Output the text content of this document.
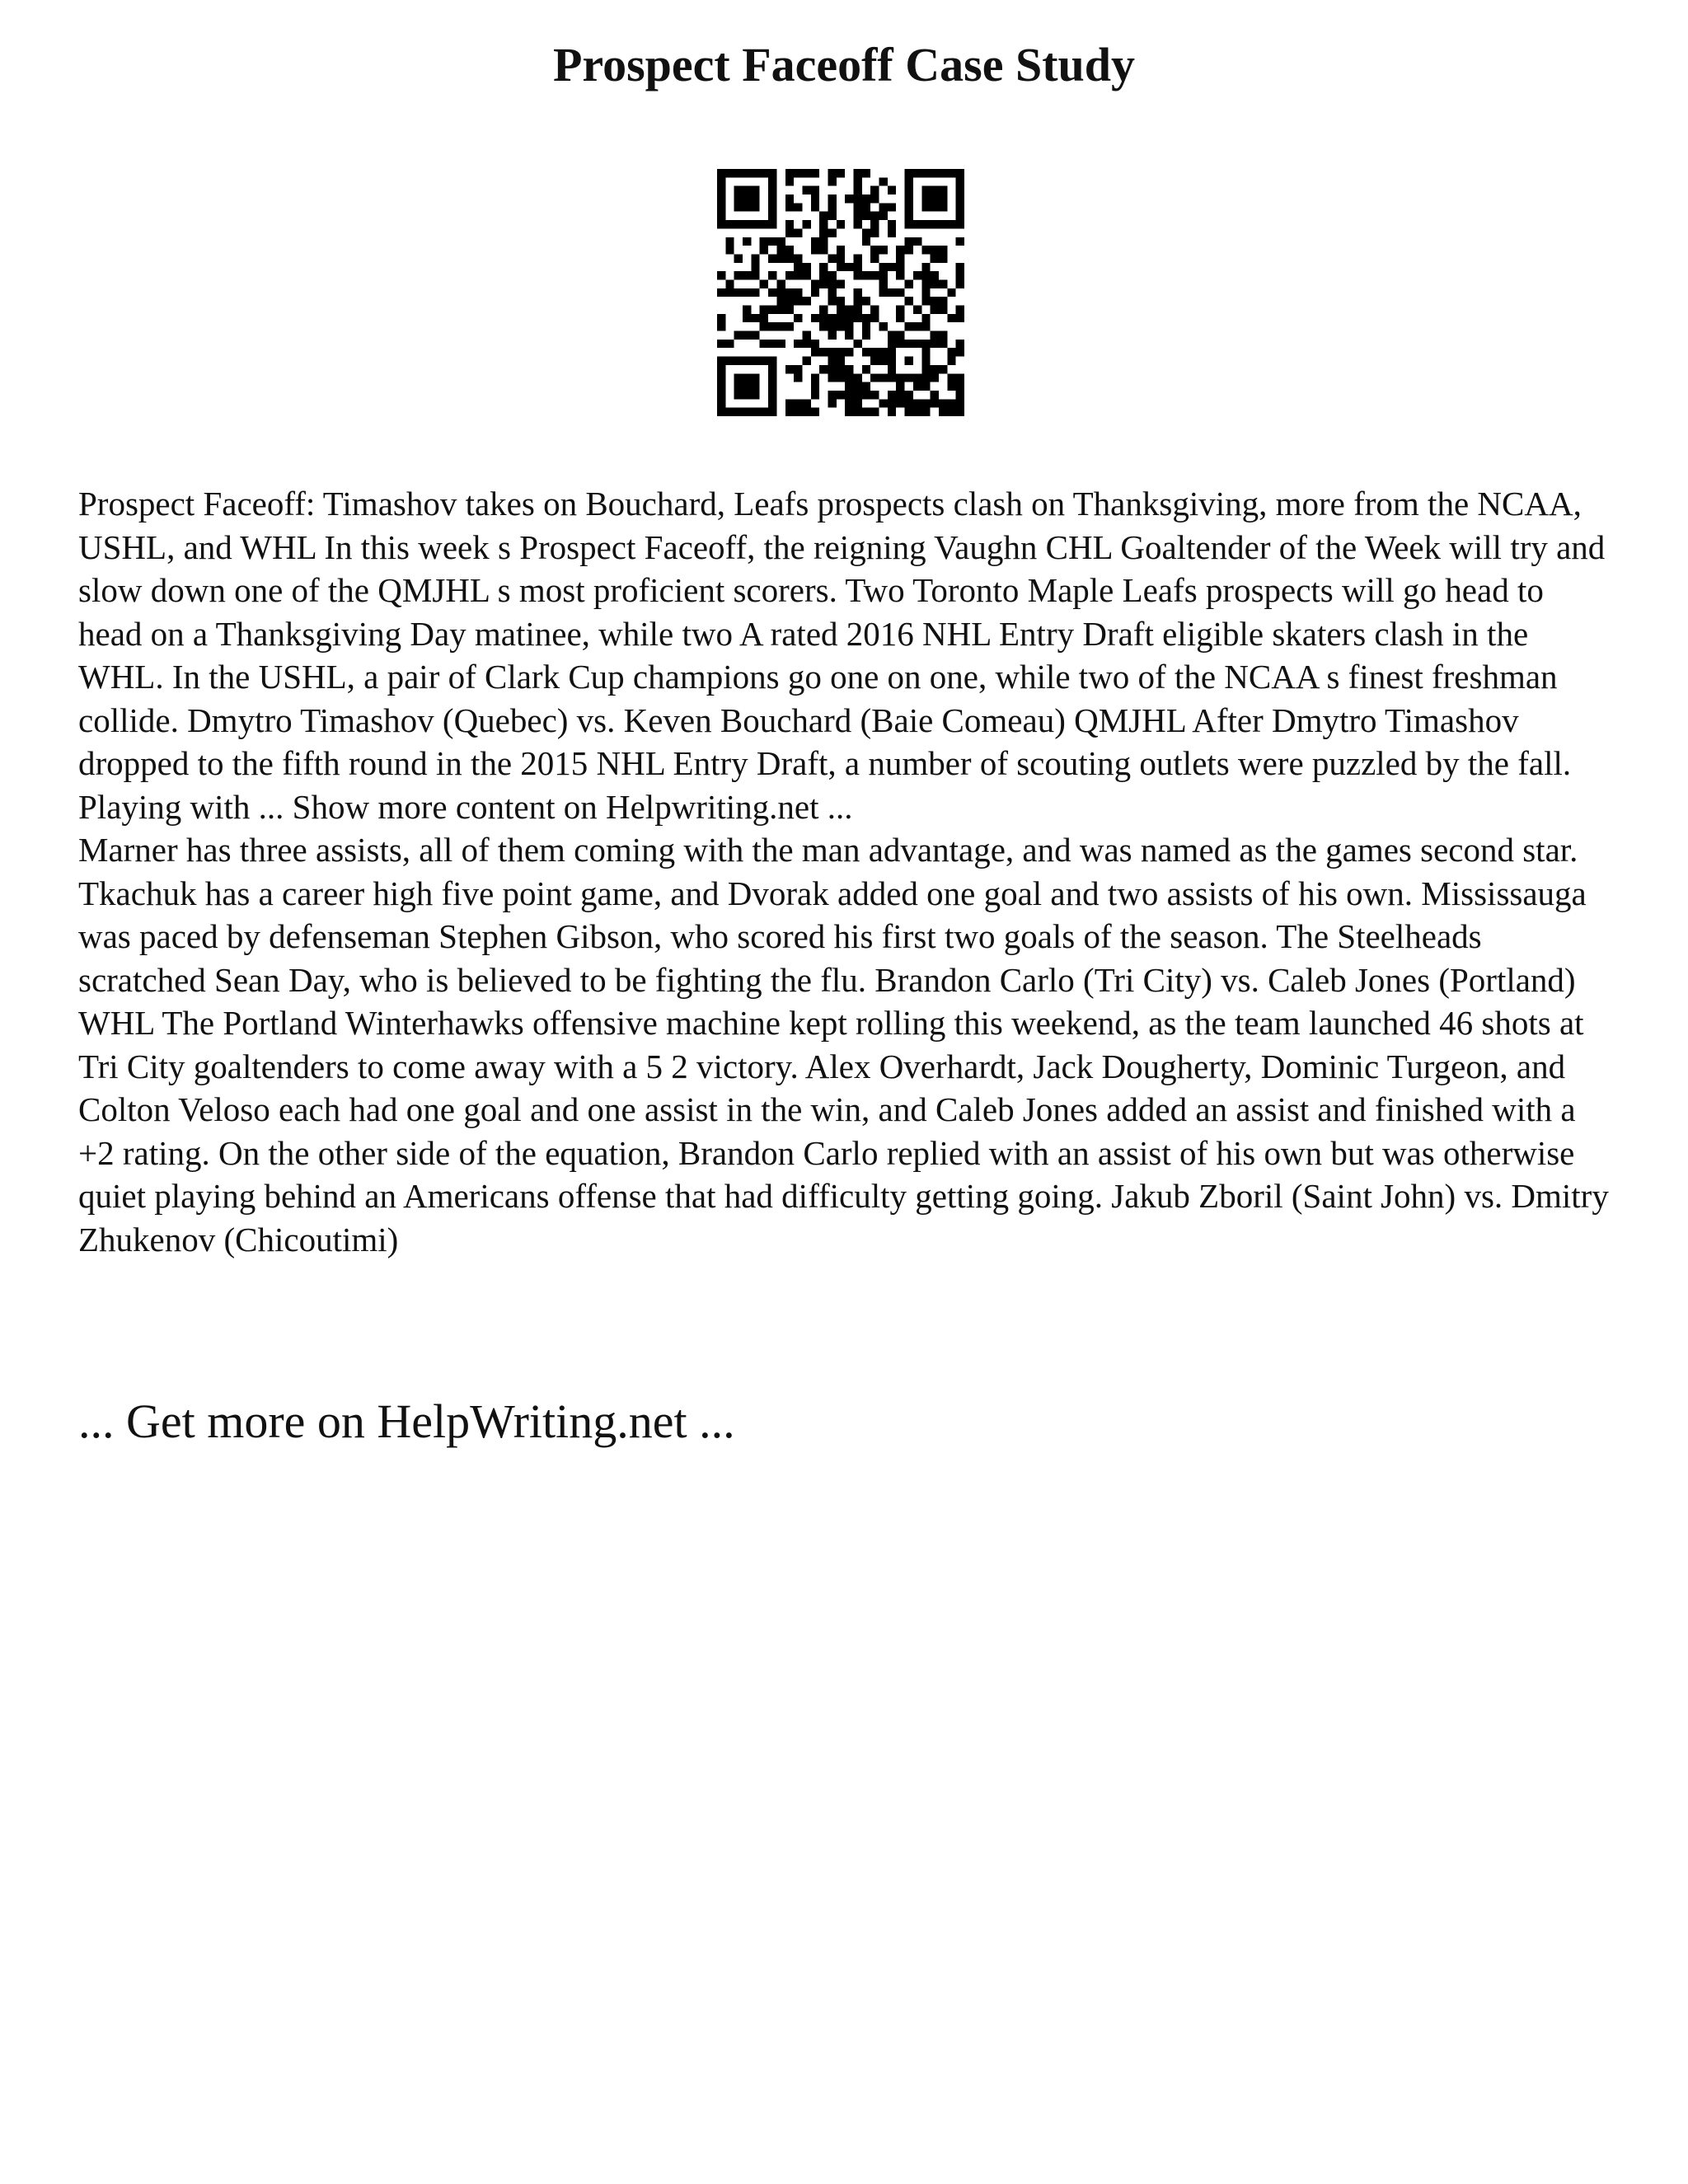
Prospect Faceoff Case Study

Prospect Faceoff: Timashov takes on Bouchard, Leafs prospects clash on Thanksgiving, more from the NCAA, USHL, and WHL In this week s Prospect Faceoff, the reigning Vaughn CHL Goaltender of the Week will try and slow down one of the QMJHL s most proficient scorers. Two Toronto Maple Leafs prospects will go head to head on a Thanksgiving Day matinee, while two A rated 2016 NHL Entry Draft eligible skaters clash in the WHL. In the USHL, a pair of Clark Cup champions go one on one, while two of the NCAA s finest freshman collide. Dmytro Timashov (Quebec) vs. Keven Bouchard (Baie Comeau) QMJHL After Dmytro Timashov dropped to the fifth round in the 2015 NHL Entry Draft, a number of scouting outlets were puzzled by the fall. Playing with ... Show more content on Helpwriting.net ...

Marner has three assists, all of them coming with the man advantage, and was named as the games second star. Tkachuk has a career high five point game, and Dvorak added one goal and two assists of his own. Mississauga was paced by defenseman Stephen Gibson, who scored his first two goals of the season. The Steelheads scratched Sean Day, who is believed to be fighting the flu. Brandon Carlo (Tri City) vs. Caleb Jones (Portland) WHL The Portland Winterhawks offensive machine kept rolling this weekend, as the team launched 46 shots at Tri City goaltenders to come away with a 5 2 victory. Alex Overhardt, Jack Dougherty, Dominic Turgeon, and Colton Veloso each had one goal and one assist in the win, and Caleb Jones added an assist and finished with a +2 rating. On the other side of the equation, Brandon Carlo replied with an assist of his own but was otherwise quiet playing behind an Americans offense that had difficulty getting going. Jakub Zboril (Saint John) vs. Dmitry Zhukenov (Chicoutimi)

... Get more on HelpWriting.net ...
